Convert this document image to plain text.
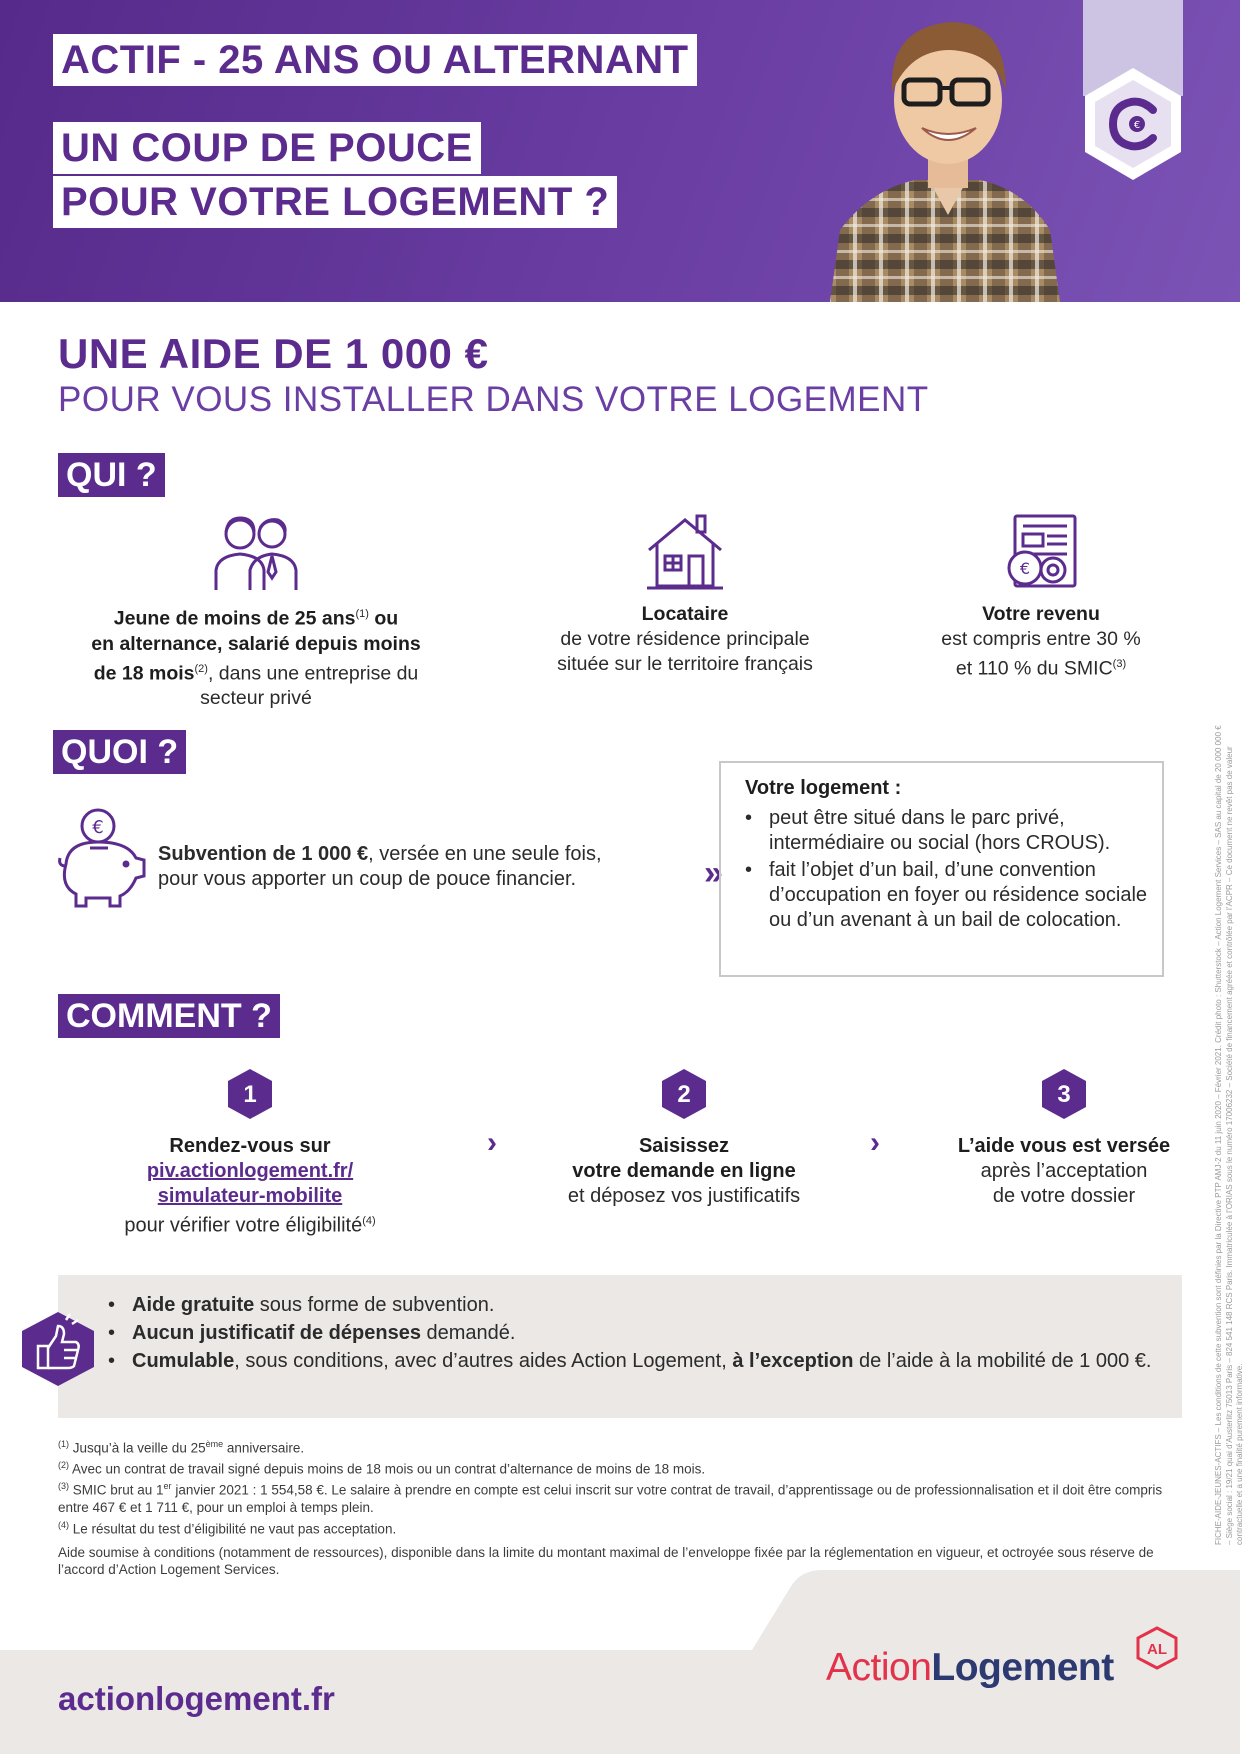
€
ACTIF - 25 ANS OU ALTERNANT
UN COUP DE POUCE
POUR VOTRE LOGEMENT ?
UNE AIDE DE 1 000 €
POUR VOUS INSTALLER DANS VOTRE LOGEMENT
QUI ?
Jeune de moins de 25 ans$^{(1)}$ ou
en alternance, salarié depuis moins
de 18 mois$^{(2)}$, dans une entreprise du
secteur privé
Locataire
de votre résidence principale
située sur le territoire français
€
Votre revenu
est compris entre 30 %
et 110 % du SMIC$^{(3)}$
QUOI ?
€
Subvention de 1 000 €, versée en une seule fois,
pour vous apporter un coup de pouce financier.	»
Votre logement :
• peut être situé dans le parc privé, intermédiaire ou social (hors CROUS).
• fait l’objet d’un bail, d’une convention d’occupation en foyer ou résidence sociale ou d’un avenant à un bail de colocation.
COMMENT ?
1
Rendez-vous sur
piv.actionlogement.fr/
simulateur-mobilite
pour vérifier votre éligibilité$^{(4)}$
›
2
Saisissez
votre demande en ligne
et déposez vos justificatifs
›
3
L’aide vous est versée
après l’acceptation
de votre dossier
• Aide gratuite sous forme de subvention.
• Aucun justificatif de dépenses demandé.
• Cumulable, sous conditions, avec d’autres aides Action Logement, à l’exception de l’aide à la mobilité de 1 000 €.
$^{(1)}$ Jusqu’à la veille du 25ème anniversaire.
$^{(2)}$ Avec un contrat de travail signé depuis moins de 18 mois ou un contrat d’alternance de moins de 18 mois.
$^{(3)}$ SMIC brut au 1er janvier 2021 : 1 554,58 €. Le salaire à prendre en compte est celui inscrit sur votre contrat de travail, d’apprentissage ou de professionnalisation et il doit être compris entre 467 € et 1 711 €, pour un emploi à temps plein.
$^{(4)}$ Le résultat du test d’éligibilité ne vaut pas acceptation.
Aide soumise à conditions (notamment de ressources), disponible dans la limite du montant maximal de l’enveloppe fixée par la réglementation en vigueur, et octroyée sous réserve de l’accord d’Action Logement Services.
FICHE-AIDE-JEUNES-ACTIFS – Les conditions de cette subvention sont définies par la Directive PTP AMJ-2 du 11 juin 2020 – Février 2021. Crédit photo : Shutterstock – Action Logement Services – SAS au capital de 20 000 000 € – Siège social : 19/21 quai d’Austerlitz 75013 Paris – 824 541 148 RCS Paris. Immatriculée à l’ORIAS sous le numéro 17006232 – Société de financement agréée et contrôlée par l’ACPR – Ce document ne revêt pas de valeur contractuelle et a une finalité purement informative.
actionlogement.fr
ActionLogement AL
